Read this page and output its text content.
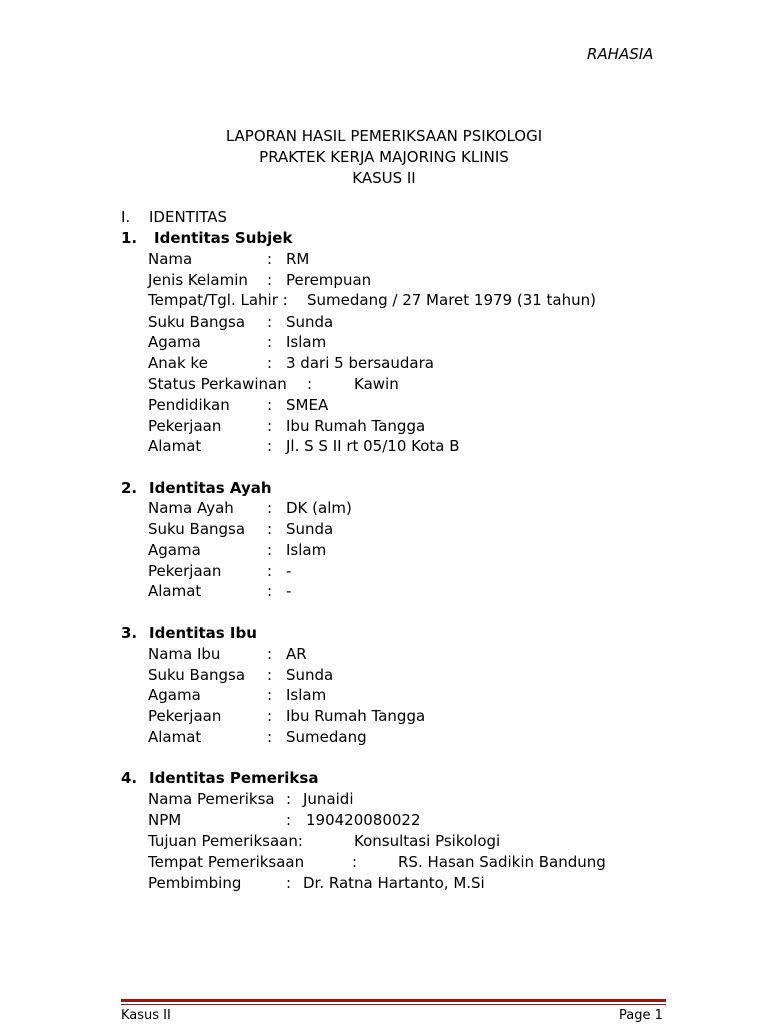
RAHASIA
LAPORAN HASIL PEMERIKSAAN PSIKOLOGI
PRAKTEK KERJA MAJORING KLINIS
KASUS II
I. IDENTITAS
1. Identitas Subjek
Nama	: RM
Jenis Kelamin : Perempuan
Tempat/Tgl. Lahir : Sumedang / 27 Maret 1979 (31 tahun)
Suku Bangsa : Sunda
Agama	: Islam
Anak ke	: 3 dari 5 bersaudara
Status Perkawinan :	Kawin
Pendidikan : SMEA
Pekerjaan	: Ibu Rumah Tangga
Alamat	: Jl. S S II rt 05/10 Kota B
2. Identitas Ayah
Nama Ayah : DK (alm)
Suku Bangsa : Sunda
Agama	: Islam
Pekerjaan	: -
Alamat	: -
3. Identitas Ibu
Nama Ibu	: AR
Suku Bangsa : Sunda
Agama	: Islam
Pekerjaan	: Ibu Rumah Tangga
Alamat	: Sumedang
4. Identitas Pemeriksa
Nama Pemeriksa : Junaidi
NPM	: 190420080022
Tujuan Pemeriksaan:	Konsultasi Psikologi
Tempat Pemeriksaan	:	RS. Hasan Sadikin Bandung
Pembimbing	: Dr. Ratna Hartanto, M.Si
Kasus II	Page 1
